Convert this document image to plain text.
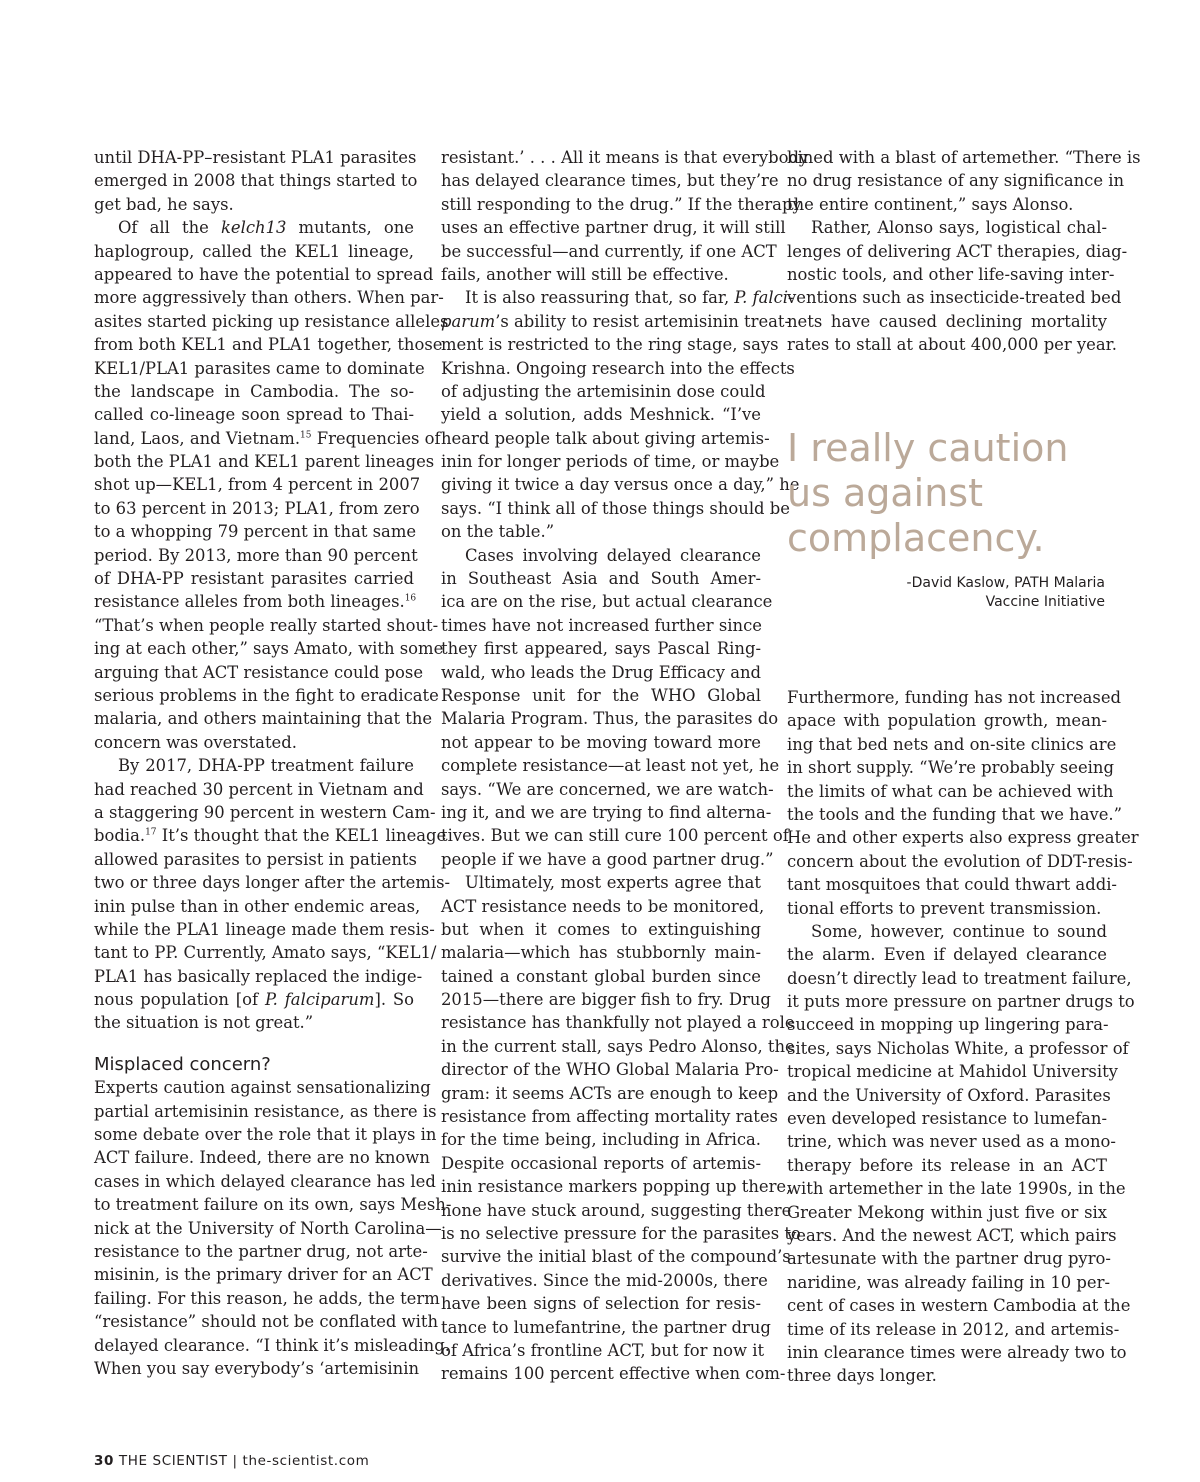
until DHA-PP–resistant PLA1 parasites
emerged in 2008 that things started to
get bad, he says.
Of all the kelch13 mutants, one
haplogroup, called the KEL1 lineage,
appeared to have the potential to spread
more aggressively than others. When par-
asites started picking up resistance alleles
from both KEL1 and PLA1 together, those
KEL1/PLA1 parasites came to dominate
the landscape in Cambodia. The so-
called co-lineage soon spread to Thai-
land, Laos, and Vietnam.$^{15}$ Frequencies of
both the PLA1 and KEL1 parent lineages
shot up—KEL1, from 4 percent in 2007
to 63 percent in 2013; PLA1, from zero
to a whopping 79 percent in that same
period. By 2013, more than 90 percent
of DHA-PP resistant parasites carried
resistance alleles from both lineages.$^{16}$
“That’s when people really started shout-
ing at each other,” says Amato, with some
arguing that ACT resistance could pose
serious problems in the fight to eradicate
malaria, and others maintaining that the
concern was overstated.
By 2017, DHA-PP treatment failure
had reached 30 percent in Vietnam and
a staggering 90 percent in western Cam-
bodia.$^{17}$ It’s thought that the KEL1 lineage
allowed parasites to persist in patients
two or three days longer after the artemis-
inin pulse than in other endemic areas,
while the PLA1 lineage made them resis-
tant to PP. Currently, Amato says, “KEL1/
PLA1 has basically replaced the indige-
nous population [of P. falciparum]. So
the situation is not great.”
Misplaced concern?
Experts caution against sensationalizing
partial artemisinin resistance, as there is
some debate over the role that it plays in
ACT failure. Indeed, there are no known
cases in which delayed clearance has led
to treatment failure on its own, says Mesh-
nick at the University of North Carolina—
resistance to the partner drug, not arte-
misinin, is the primary driver for an ACT
failing. For this reason, he adds, the term
“resistance” should not be conflated with
delayed clearance. “I think it’s misleading.
When you say everybody’s ‘artemisinin
resistant.’ . . . All it means is that everybody
has delayed clearance times, but they’re
still responding to the drug.” If the therapy
uses an effective partner drug, it will still
be successful—and currently, if one ACT
fails, another will still be effective.
It is also reassuring that, so far, P. falci-
parum’s ability to resist artemisinin treat-
ment is restricted to the ring stage, says
Krishna. Ongoing research into the effects
of adjusting the artemisinin dose could
yield a solution, adds Meshnick. “I’ve
heard people talk about giving artemis-
inin for longer periods of time, or maybe
giving it twice a day versus once a day,” he
says. “I think all of those things should be
on the table.”
Cases involving delayed clearance
in Southeast Asia and South Amer-
ica are on the rise, but actual clearance
times have not increased further since
they first appeared, says Pascal Ring-
wald, who leads the Drug Efficacy and
Response unit for the WHO Global
Malaria Program. Thus, the parasites do
not appear to be moving toward more
complete resistance—at least not yet, he
says. “We are concerned, we are watch-
ing it, and we are trying to find alterna-
tives. But we can still cure 100 percent of
people if we have a good partner drug.”
Ultimately, most experts agree that
ACT resistance needs to be monitored,
but when it comes to extinguishing
malaria—which has stubbornly main-
tained a constant global burden since
2015—there are bigger fish to fry. Drug
resistance has thankfully not played a role
in the current stall, says Pedro Alonso, the
director of the WHO Global Malaria Pro-
gram: it seems ACTs are enough to keep
resistance from affecting mortality rates
for the time being, including in Africa.
Despite occasional reports of artemis-
inin resistance markers popping up there,
none have stuck around, suggesting there
is no selective pressure for the parasites to
survive the initial blast of the compound’s
derivatives. Since the mid-2000s, there
have been signs of selection for resis-
tance to lumefantrine, the partner drug
of Africa’s frontline ACT, but for now it
remains 100 percent effective when com-
bined with a blast of artemether. “There is
no drug resistance of any significance in
the entire continent,” says Alonso.
Rather, Alonso says, logistical chal-
lenges of delivering ACT therapies, diag-
nostic tools, and other life-saving inter-
ventions such as insecticide-treated bed
nets have caused declining mortality
rates to stall at about 400,000 per year.
I really caution
us against
complacency.
-David Kaslow, PATH Malaria
Vaccine Initiative
Furthermore, funding has not increased
apace with population growth, mean-
ing that bed nets and on-site clinics are
in short supply. “We’re probably seeing
the limits of what can be achieved with
the tools and the funding that we have.”
He and other experts also express greater
concern about the evolution of DDT-resis-
tant mosquitoes that could thwart addi-
tional efforts to prevent transmission.
Some, however, continue to sound
the alarm. Even if delayed clearance
doesn’t directly lead to treatment failure,
it puts more pressure on partner drugs to
succeed in mopping up lingering para-
sites, says Nicholas White, a professor of
tropical medicine at Mahidol University
and the University of Oxford. Parasites
even developed resistance to lumefan-
trine, which was never used as a mono-
therapy before its release in an ACT
with artemether in the late 1990s, in the
Greater Mekong within just five or six
years. And the newest ACT, which pairs
artesunate with the partner drug pyro-
naridine, was already failing in 10 per-
cent of cases in western Cambodia at the
time of its release in 2012, and artemis-
inin clearance times were already two to
three days longer.
30 THE SCIENTIST | the-scientist.com
